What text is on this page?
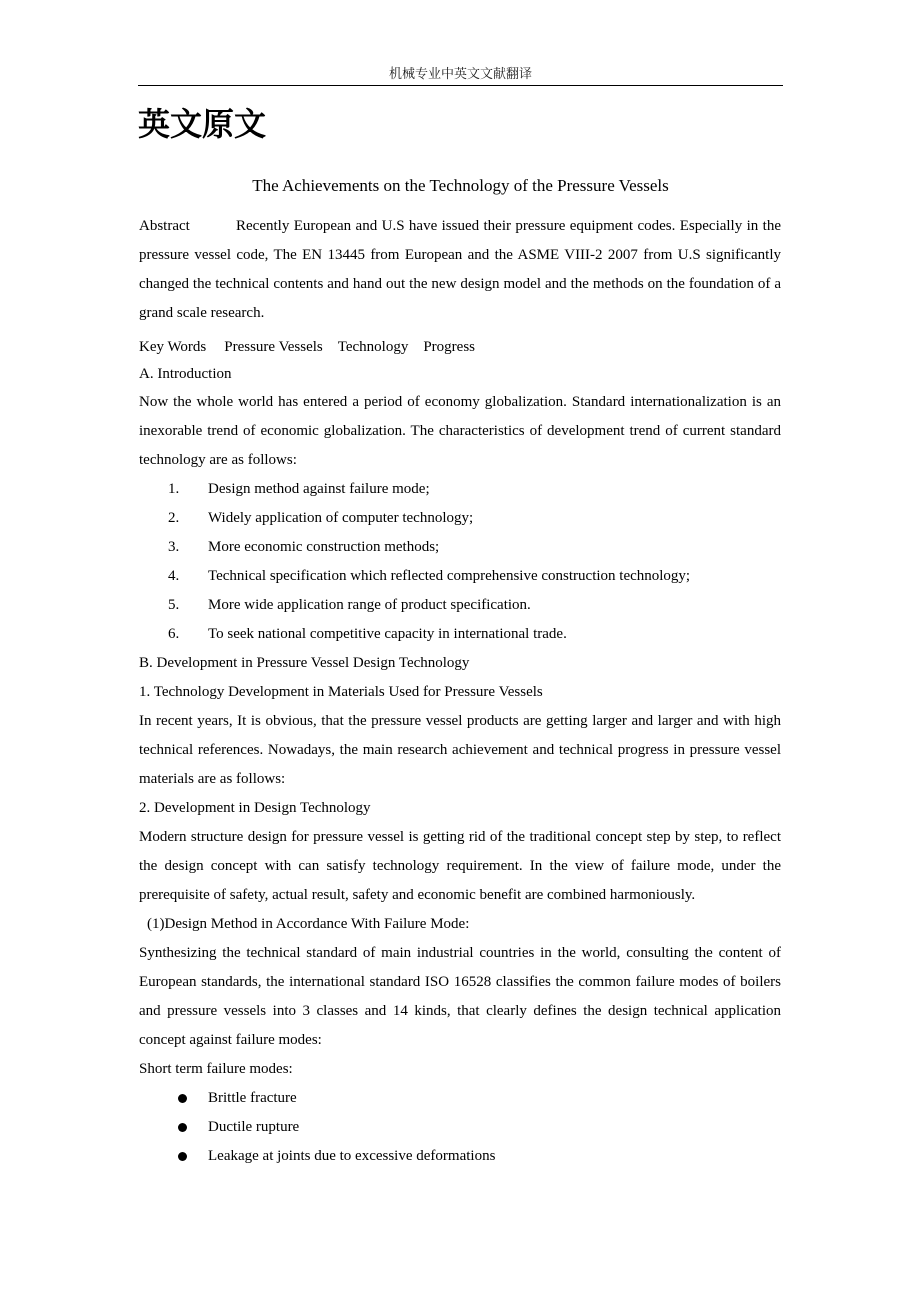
机械专业中英文文献翻译
英文原文
The Achievements on the Technology of the Pressure Vessels

Abstract	Recently European and U.S have issued their pressure equipment codes. Especially in the pressure vessel code, The EN 13445 from European and the ASME VIII-2 2007 from U.S significantly changed the technical contents and hand out the new design model and the methods on the foundation of a grand scale research.

Key Words Pressure Vessels Technology Progress

A. Introduction

Now the whole world has entered a period of economy globalization. Standard internationalization is an inexorable trend of economic globalization. The characteristics of development trend of current standard technology are as follows:

1. Design method against failure mode;
2. Widely application of computer technology;
3. More economic construction methods;
4. Technical specification which reflected comprehensive construction technology;
5. More wide application range of product specification.
6. To seek national competitive capacity in international trade.

B. Development in Pressure Vessel Design Technology

1. Technology Development in Materials Used for Pressure Vessels

In recent years, It is obvious, that the pressure vessel products are getting larger and larger and with high technical references. Nowadays, the main research achievement and technical progress in pressure vessel materials are as follows:

2. Development in Design Technology

Modern structure design for pressure vessel is getting rid of the traditional concept step by step, to reflect the design concept with can satisfy technology requirement. In the view of failure mode, under the prerequisite of safety, actual result, safety and economic benefit are combined harmoniously.

(1)Design Method in Accordance With Failure Mode:

Synthesizing the technical standard of main industrial countries in the world, consulting the content of European standards, the international standard ISO 16528 classifies the common failure modes of boilers and pressure vessels into 3 classes and 14 kinds, that clearly defines the design technical application concept against failure modes:

Short term failure modes:

Brittle fracture
Ductile rupture
Leakage at joints due to excessive deformations
